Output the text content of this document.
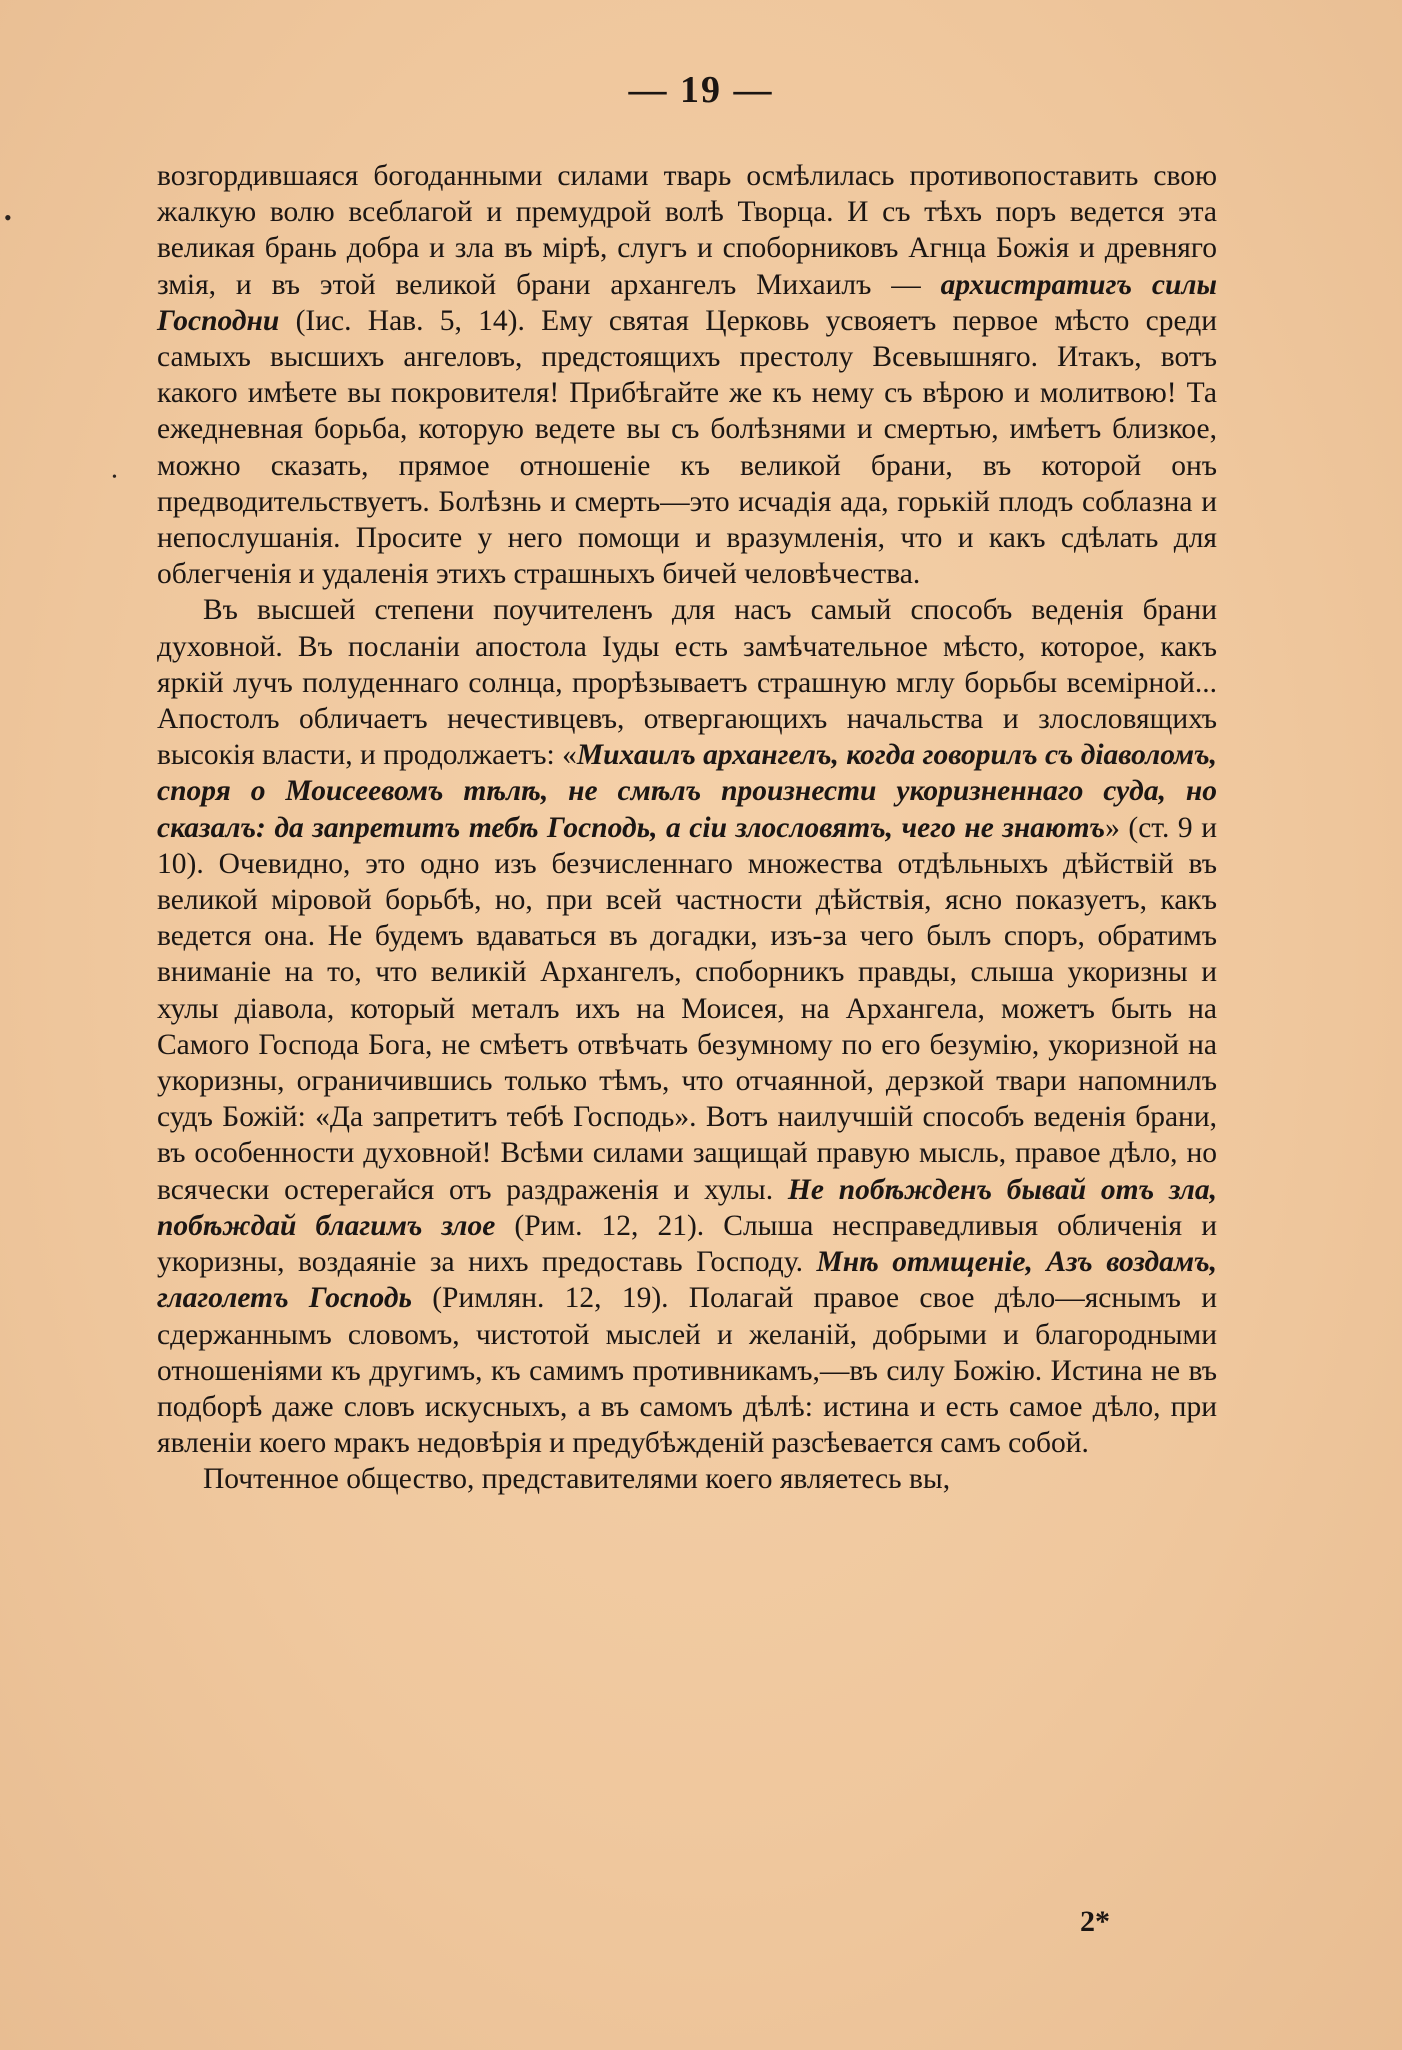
— 19 —

возгордившаяся богоданными силами тварь осмѣлилась противопоставить свою жалкую волю всеблагой и премудрой волѣ Творца. И съ тѣхъ поръ ведется эта великая брань добра и зла въ мірѣ, слугъ и споборниковъ Агнца Божія и древняго змія, и въ этой великой брани архангелъ Михаилъ — архистратигъ силы Господни (Іис. Нав. 5, 14). Ему святая Церковь усвояетъ первое мѣсто среди самыхъ высшихъ ангеловъ, предстоящихъ престолу Всевышняго. Итакъ, вотъ какого имѣете вы покровителя! Прибѣгайте же къ нему съ вѣрою и молитвою! Та ежедневная борьба, которую ведете вы съ болѣзнями и смертью, имѣетъ близкое, можно сказать, прямое отношеніе къ великой брани, въ которой онъ предводительствуетъ. Болѣзнь и смерть—это исчадія ада, горькій плодъ соблазна и непослушанія. Просите у него помощи и вразумленія, что и какъ сдѣлать для облегченія и удаленія этихъ страшныхъ бичей человѣчества.

Въ высшей степени поучителенъ для насъ самый способъ веденія брани духовной. Въ посланіи апостола Іуды есть замѣчательное мѣсто, которое, какъ яркій лучъ полуденнаго солнца, прорѣзываетъ страшную мглу борьбы всемірной... Апостолъ обличаетъ нечестивцевъ, отвергающихъ начальства и злословящихъ высокія власти, и продолжаетъ: «Михаилъ архангелъ, когда говорилъ съ діаволомъ, споря о Моисеевомъ тѣлѣ, не смѣлъ произнести укоризненнаго суда, но сказалъ: да запретитъ тебѣ Господь, а сіи злословятъ, чего не знаютъ» (ст. 9 и 10). Очевидно, это одно изъ безчисленнаго множества отдѣльныхъ дѣйствій въ великой міровой борьбѣ, но, при всей частности дѣйствія, ясно показуетъ, какъ ведется она. Не будемъ вдаваться въ догадки, изъ-за чего былъ споръ, обратимъ вниманіе на то, что великій Архангелъ, споборникъ правды, слыша укоризны и хулы діавола, который металъ ихъ на Моисея, на Архангела, можетъ быть на Самого Господа Бога, не смѣетъ отвѣчать безумному по его безумію, укоризной на укоризны, ограничившись только тѣмъ, что отчаянной, дерзкой твари напомнилъ судъ Божій: «Да запретитъ тебѣ Господь». Вотъ наилучшій способъ веденія брани, въ особенности духовной! Всѣми силами защищай правую мысль, правое дѣло, но всячески остерегайся отъ раздраженія и хулы. Не побѣжденъ бывай отъ зла, побѣждай благимъ злое (Рим. 12, 21). Слыша несправедливыя обличенія и укоризны, воздаяніе за нихъ предоставь Господу. Мнѣ отмщеніе, Азъ воздамъ, глаголетъ Господь (Римлян. 12, 19). Полагай правое свое дѣло—яснымъ и сдержаннымъ словомъ, чистотой мыслей и желаній, добрыми и благородными отношеніями къ другимъ, къ самимъ противникамъ,—въ силу Божію. Истина не въ подборѣ даже словъ искусныхъ, а въ самомъ дѣлѣ: истина и есть самое дѣло, при явленіи коего мракъ недовѣрія и предубѣжденій разсѣевается самъ собой.

Почтенное общество, представителями коего являетесь вы,

2*
•
•
